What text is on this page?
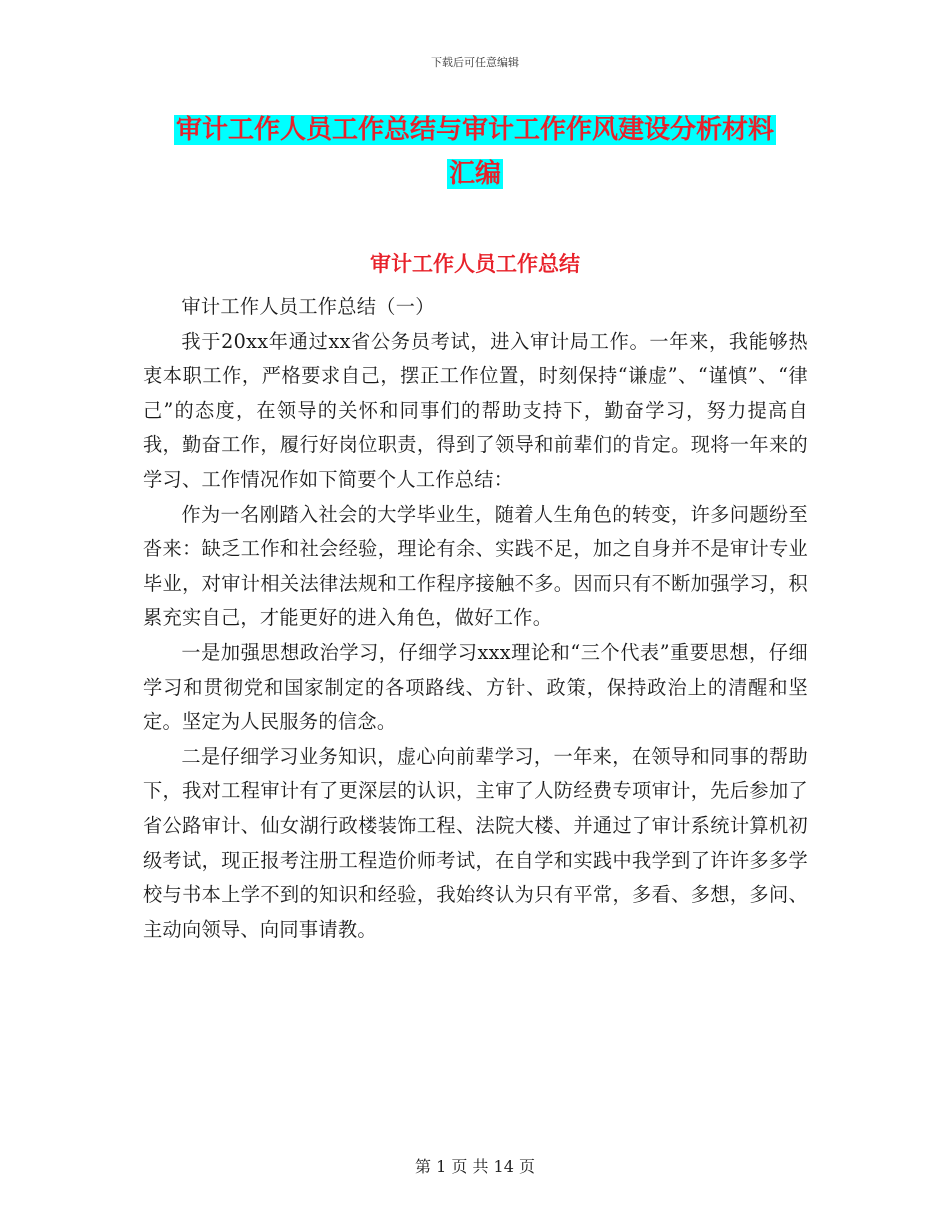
下载后可任意编辑
审计工作人员工作总结与审计工作作风建设分析材料
汇编
审计工作人员工作总结

审计工作人员工作总结（一）

我于20xx年通过xx省公务员考试，进入审计局工作。一年来，我能够热衷本职工作，严格要求自己，摆正工作位置，时刻保持“谦虚”、“谨慎”、“律己”的态度，在领导的关怀和同事们的帮助支持下，勤奋学习，努力提高自我，勤奋工作，履行好岗位职责，得到了领导和前辈们的肯定。现将一年来的学习、工作情况作如下简要个人工作总结：

作为一名刚踏入社会的大学毕业生，随着人生角色的转变，许多问题纷至沓来：缺乏工作和社会经验，理论有余、实践不足，加之自身并不是审计专业毕业，对审计相关法律法规和工作程序接触不多。因而只有不断加强学习，积累充实自己，才能更好的进入角色，做好工作。

一是加强思想政治学习，仔细学习xxx理论和“三个代表”重要思想，仔细学习和贯彻党和国家制定的各项路线、方针、政策，保持政治上的清醒和坚定。坚定为人民服务的信念。

二是仔细学习业务知识，虚心向前辈学习，一年来，在领导和同事的帮助下，我对工程审计有了更深层的认识，主审了人防经费专项审计，先后参加了省公路审计、仙女湖行政楼装饰工程、法院大楼、并通过了审计系统计算机初级考试，现正报考注册工程造价师考试，在自学和实践中我学到了许许多多学校与书本上学不到的知识和经验，我始终认为只有平常，多看、多想，多问、主动向领导、向同事请教。

第 1 页 共 14 页
